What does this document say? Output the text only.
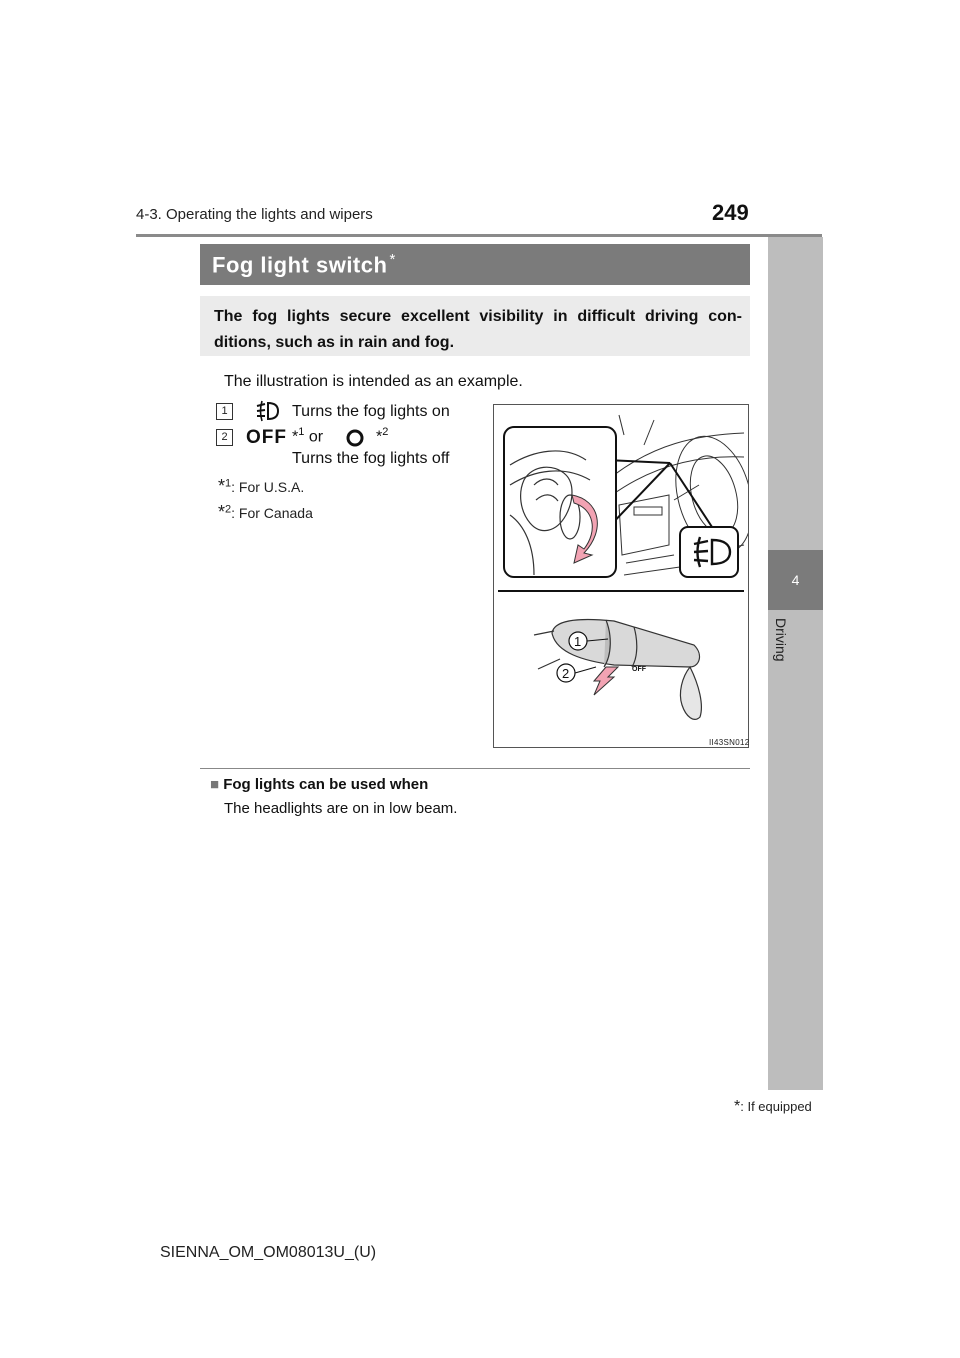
4-3. Operating the lights and wipers	249
4
Driving
Fog light switch *
The fog lights secure excellent visibility in difficult driving con-ditions, such as in rain and fog.
The illustration is intended as an example.
1	Turns the fog lights on
2 OFF *$^1$ or	*$^2$
Turns the fog lights off
*$^1$: For U.S.A.
*$^2$: For Canada
OFF
1
2
II43SN012
■ Fog lights can be used when
The headlights are on in low beam.
*: If equipped
SIENNA_OM_OM08013U_(U)
